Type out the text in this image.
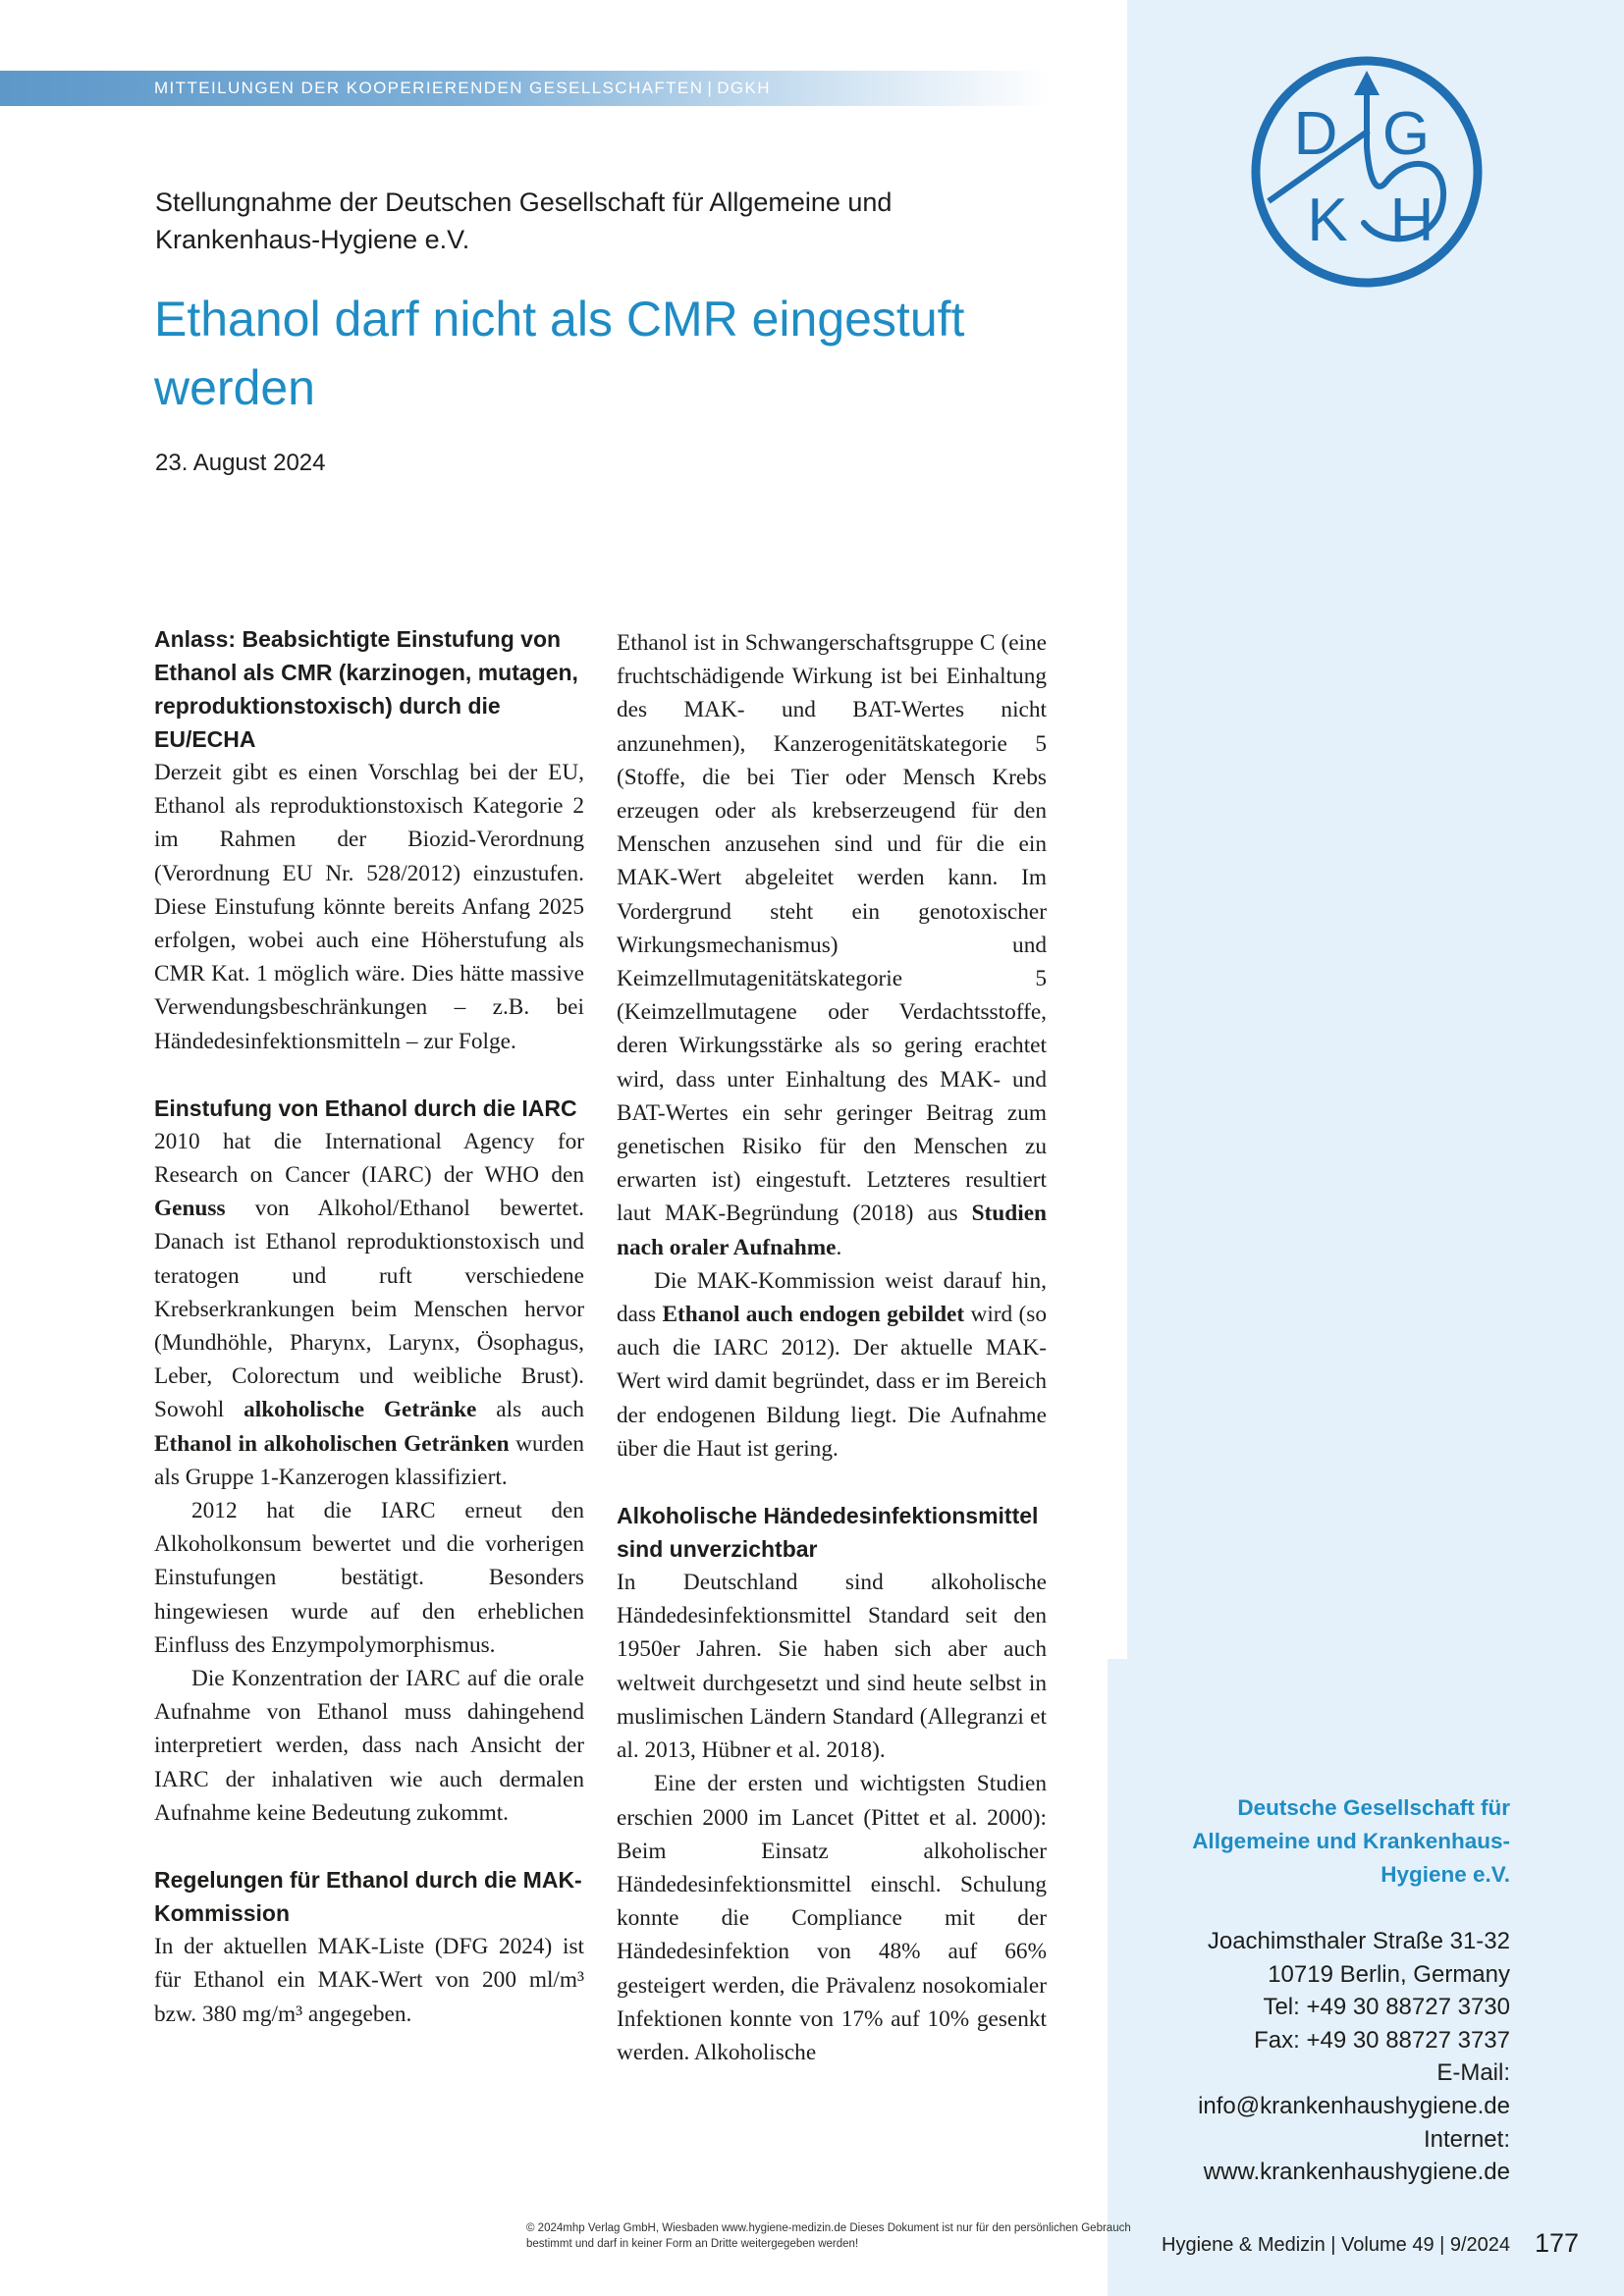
MITTEILUNGEN DER KOOPERIERENDEN GESELLSCHAFTEN | DGKH
D G
K H
Stellungnahme der Deutschen Gesellschaft für Allgemeine und Krankenhaus-Hygiene e.V.
Ethanol darf nicht als CMR eingestuft werden
23. August 2024
Anlass: Beabsichtigte Einstufung von Ethanol als CMR (karzinogen, mutagen, reproduktionstoxisch) durch die EU/ECHA

Derzeit gibt es einen Vorschlag bei der EU, Ethanol als reproduktionstoxisch Kategorie 2 im Rahmen der Biozid-Verordnung (Verordnung EU Nr. 528/2012) einzustufen. Diese Einstufung könnte bereits Anfang 2025 erfolgen, wobei auch eine Höherstufung als CMR Kat. 1 möglich wäre. Dies hätte massive Verwendungsbeschränkungen – z.B. bei Händedesinfektionsmitteln – zur Folge.

Einstufung von Ethanol durch die IARC

2010 hat die International Agency for Research on Cancer (IARC) der WHO den Genuss von Alkohol/Ethanol bewertet. Danach ist Ethanol reproduktionstoxisch und teratogen und ruft verschiedene Krebserkrankungen beim Menschen hervor (Mundhöhle, Pharynx, Larynx, Ösophagus, Leber, Colorectum und weibliche Brust). Sowohl alkoholische Getränke als auch Ethanol in alkoholischen Getränken wurden als Gruppe 1-Kanzerogen klassifiziert.

2012 hat die IARC erneut den Alkoholkonsum bewertet und die vorherigen Einstufungen bestätigt. Besonders hingewiesen wurde auf den erheblichen Einfluss des Enzympolymorphismus.

Die Konzentration der IARC auf die orale Aufnahme von Ethanol muss dahingehend interpretiert werden, dass nach Ansicht der IARC der inhalativen wie auch dermalen Aufnahme keine Bedeutung zukommt.

Regelungen für Ethanol durch die MAK-Kommission

In der aktuellen MAK-Liste (DFG 2024) ist für Ethanol ein MAK-Wert von 200 ml/m³ bzw. 380 mg/m³ angegeben.

Ethanol ist in Schwangerschaftsgruppe C (eine fruchtschädigende Wirkung ist bei Einhaltung des MAK- und BAT-Wertes nicht anzunehmen), Kanzerogenitätskategorie 5 (Stoffe, die bei Tier oder Mensch Krebs erzeugen oder als krebserzeugend für den Menschen anzusehen sind und für die ein MAK-Wert abgeleitet werden kann. Im Vordergrund steht ein genotoxischer Wirkungsmechanismus) und Keimzellmutagenitätskategorie 5 (Keimzellmutagene oder Verdachtsstoffe, deren Wirkungsstärke als so gering erachtet wird, dass unter Einhaltung des MAK- und BAT-Wertes ein sehr geringer Beitrag zum genetischen Risiko für den Menschen zu erwarten ist) eingestuft. Letzteres resultiert laut MAK-Begründung (2018) aus Studien nach oraler Aufnahme.

Die MAK-Kommission weist darauf hin, dass Ethanol auch endogen gebildet wird (so auch die IARC 2012). Der aktuelle MAK-Wert wird damit begründet, dass er im Bereich der endogenen Bildung liegt. Die Aufnahme über die Haut ist gering.

Alkoholische Händedesinfektionsmittel sind unverzichtbar

In Deutschland sind alkoholische Händedesinfektionsmittel Standard seit den 1950er Jahren. Sie haben sich aber auch weltweit durchgesetzt und sind heute selbst in muslimischen Ländern Standard (Allegranzi et al. 2013, Hübner et al. 2018).

Eine der ersten und wichtigsten Studien erschien 2000 im Lancet (Pittet et al. 2000): Beim Einsatz alkoholischer Händedesinfektionsmittel einschl. Schulung konnte die Compliance mit der Händedesinfektion von 48% auf 66% gesteigert werden, die Prävalenz nosokomialer Infektionen konnte von 17% auf 10% gesenkt werden. Alkoholische

Deutsche Gesellschaft für Allgemeine und Krankenhaus-Hygiene e.V.

Joachimsthaler Straße 31-32

10719 Berlin, Germany

Tel: +49 30 88727 3730

Fax: +49 30 88727 3737

E-Mail:

info@krankenhaushygiene.de

Internet:

www.krankenhaushygiene.de

© 2024mhp Verlag GmbH, Wiesbaden www.hygiene-medizin.de Dieses Dokument ist nur für den persönlichen Gebrauch bestimmt und darf in keiner Form an Dritte weitergegeben werden!	Hygiene & Medizin | Volume 49 | 9/2024 177
